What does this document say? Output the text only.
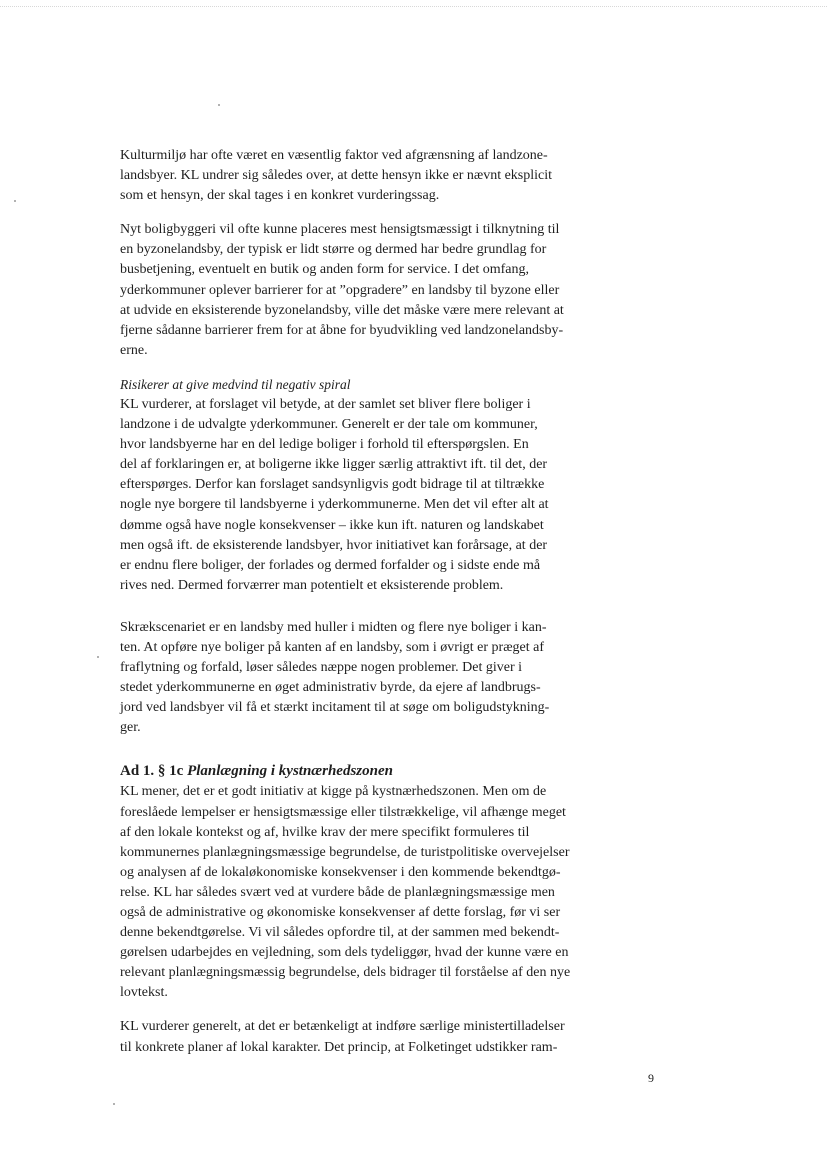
Kulturmiljø har ofte været en væsentlig faktor ved afgrænsning af landzone-
landsbyer. KL undrer sig således over, at dette hensyn ikke er nævnt eksplicit
som et hensyn, der skal tages i en konkret vurderingssag.

Nyt boligbyggeri vil ofte kunne placeres mest hensigtsmæssigt i tilknytning til
en byzonelandsby, der typisk er lidt større og dermed har bedre grundlag for
busbetjening, eventuelt en butik og anden form for service. I det omfang,
yderkommuner oplever barrierer for at ”opgradere” en landsby til byzone eller
at udvide en eksisterende byzonelandsby, ville det måske være mere relevant at
fjerne sådanne barrierer frem for at åbne for byudvikling ved landzonelandsby-
erne.

Risikerer at give medvind til negativ spiral

KL vurderer, at forslaget vil betyde, at der samlet set bliver flere boliger i
landzone i de udvalgte yderkommuner. Generelt er der tale om kommuner,
hvor landsbyerne har en del ledige boliger i forhold til efterspørgslen. En
del af forklaringen er, at boligerne ikke ligger særlig attraktivt ift. til det, der
efterspørges. Derfor kan forslaget sandsynligvis godt bidrage til at tiltrække
nogle nye borgere til landsbyerne i yderkommunerne. Men det vil efter alt at
dømme også have nogle konsekvenser – ikke kun ift. naturen og landskabet
men også ift. de eksisterende landsbyer, hvor initiativet kan forårsage, at der
er endnu flere boliger, der forlades og dermed forfalder og i sidste ende må
rives ned. Dermed forværrer man potentielt et eksisterende problem.

Skrækscenariet er en landsby med huller i midten og flere nye boliger i kan-
ten. At opføre nye boliger på kanten af en landsby, som i øvrigt er præget af
fraflytning og forfald, løser således næppe nogen problemer. Det giver i
stedet yderkommunerne en øget administrativ byrde, da ejere af landbrugs-
jord ved landsbyer vil få et stærkt incitament til at søge om boligudstykning-
ger.

Ad 1. § 1c Planlægning i kystnærhedszonen

KL mener, det er et godt initiativ at kigge på kystnærhedszonen. Men om de
foreslåede lempelser er hensigtsmæssige eller tilstrækkelige, vil afhænge meget
af den lokale kontekst og af, hvilke krav der mere specifikt formuleres til
kommunernes planlægningsmæssige begrundelse, de turistpolitiske overvejelser
og analysen af de lokaløkonomiske konsekvenser i den kommende bekendtgø-
relse. KL har således svært ved at vurdere både de planlægningsmæssige men
også de administrative og økonomiske konsekvenser af dette forslag, før vi ser
denne bekendtgørelse. Vi vil således opfordre til, at der sammen med bekendt-
gørelsen udarbejdes en vejledning, som dels tydeliggør, hvad der kunne være en
relevant planlægningsmæssig begrundelse, dels bidrager til forståelse af den nye
lovtekst.

KL vurderer generelt, at det er betænkeligt at indføre særlige ministertilladelser
til konkrete planer af lokal karakter. Det princip, at Folketinget udstikker ram-

9
